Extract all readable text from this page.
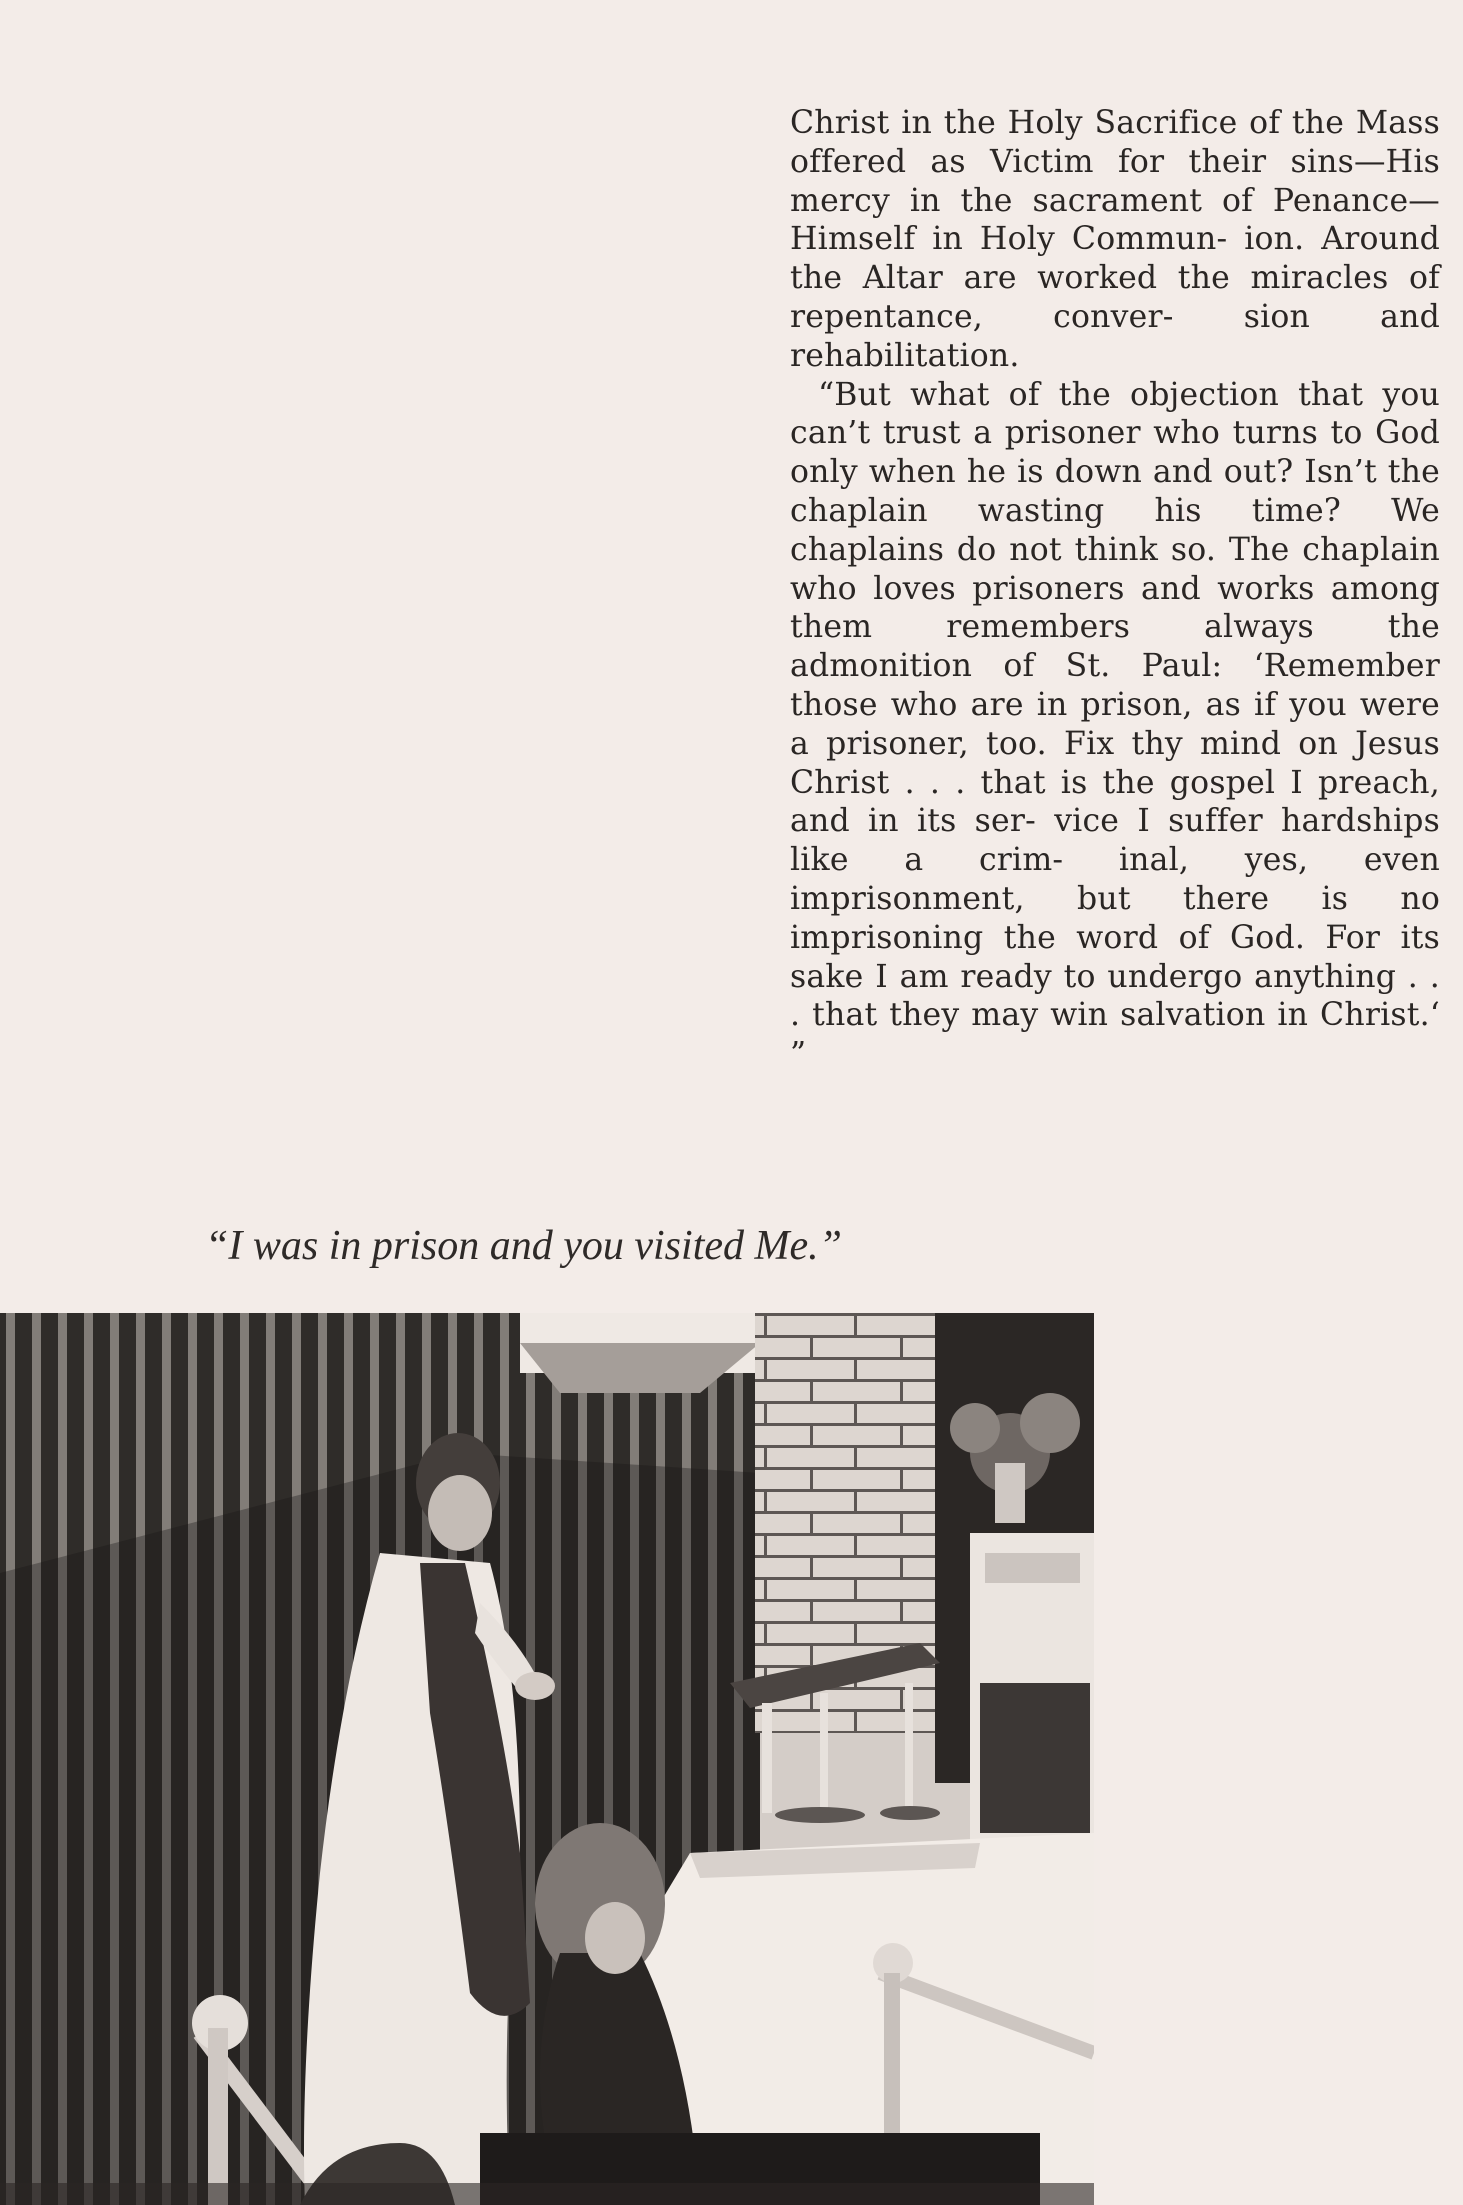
Christ in the Holy Sacrifice of the Mass offered as Victim for their sins—His mercy in the sacrament of Penance—Himself in Holy Commun- ion. Around the Altar are worked the miracles of repentance, conver- sion and rehabilitation.

“But what of the objection that you can’t trust a prisoner who turns to God only when he is down and out? Isn’t the chaplain wasting his time? We chaplains do not think so. The chaplain who loves prisoners and works among them remembers always the admonition of St. Paul: ‘Remember those who are in prison, as if you were a prisoner, too. Fix thy mind on Jesus Christ . . . that is the gospel I preach, and in its ser- vice I suffer hardships like a crim- inal, yes, even imprisonment, but there is no imprisoning the word of God. For its sake I am ready to undergo anything . . . that they may win salvation in Christ.‘ ”

“I was in prison and you visited Me.”
